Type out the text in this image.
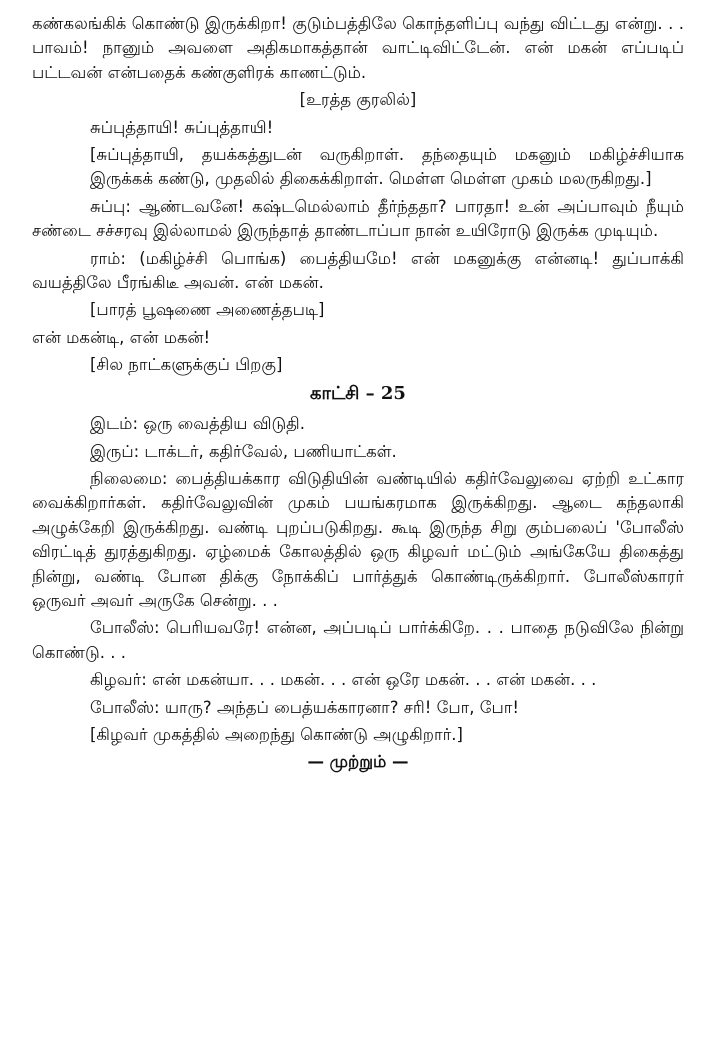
கண்கலங்கிக் கொண்டு இருக்கிறா! குடும்பத்திலே கொந்தளிப்பு வந்து விட்டது என்று. . . பாவம்! நானும் அவளை அதிகமாகத்தான் வாட்டிவிட்டேன். என் மகன் எப்படிப் பட்டவன் என்பதைக் கண்குளிரக் காணட்டும்.

[உரத்த குரலில்]

சுப்புத்தாயி! சுப்புத்தாயி!

[சுப்புத்தாயி, தயக்கத்துடன் வருகிறாள். தந்தையும் மகனும் மகிழ்ச்சியாக இருக்கக் கண்டு, முதலில் திகைக்கிறாள். மெள்ள மெள்ள முகம் மலருகிறது.]

சுப்பு: ஆண்டவனே! கஷ்டமெல்லாம் தீர்ந்ததா? பாரதா! உன் அப்பாவும் நீயும் சண்டை சச்சரவு இல்லாமல் இருந்தாத் தாண்டாப்பா நான் உயிரோடு இருக்க முடியும்.

ராம்: (மகிழ்ச்சி பொங்க) பைத்தியமே! என் மகனுக்கு என்னடி! துப்பாக்கி வயத்திலே பீரங்கிடீ அவன். என் மகன்.

[பாரத் பூஷணை அணைத்தபடி]

என் மகன்டி, என் மகன்!

[சில நாட்களுக்குப் பிறகு]

காட்சி – 25

இடம்: ஒரு வைத்திய விடுதி.

இருப்: டாக்டர், கதிர்வேல், பணியாட்கள்.

நிலைமை: பைத்தியக்கார விடுதியின் வண்டியில் கதிர்வேலுவை ஏற்றி உட்கார வைக்கிறார்கள். கதிர்வேலுவின் முகம் பயங்கரமாக இருக்கிறது. ஆடை கந்தலாகி அழுக்கேறி இருக்கிறது. வண்டி புறப்படுகிறது. கூடி இருந்த சிறு கும்பலைப் 'போலீஸ் விரட்டித் துரத்துகிறது. ஏழ்மைக் கோலத்தில் ஒரு கிழவர் மட்டும் அங்கேயே திகைத்து நின்று, வண்டி போன திக்கு நோக்கிப் பார்த்துக் கொண்டிருக்கிறார். போலீஸ்காரர் ஒருவர் அவர் அருகே சென்று. . .

போலீஸ்: பெரியவரே! என்ன, அப்படிப் பார்க்கிறே. . . பாதை நடுவிலே நின்று கொண்டு. . .

கிழவர்: என் மகன்யா. . . மகன். . . என் ஒரே மகன். . . என் மகன். . .

போலீஸ்: யாரு? அந்தப் பைத்யக்காரனா? சரி! போ, போ!

[கிழவர் முகத்தில் அறைந்து கொண்டு அழுகிறார்.]

— முற்றும் —
